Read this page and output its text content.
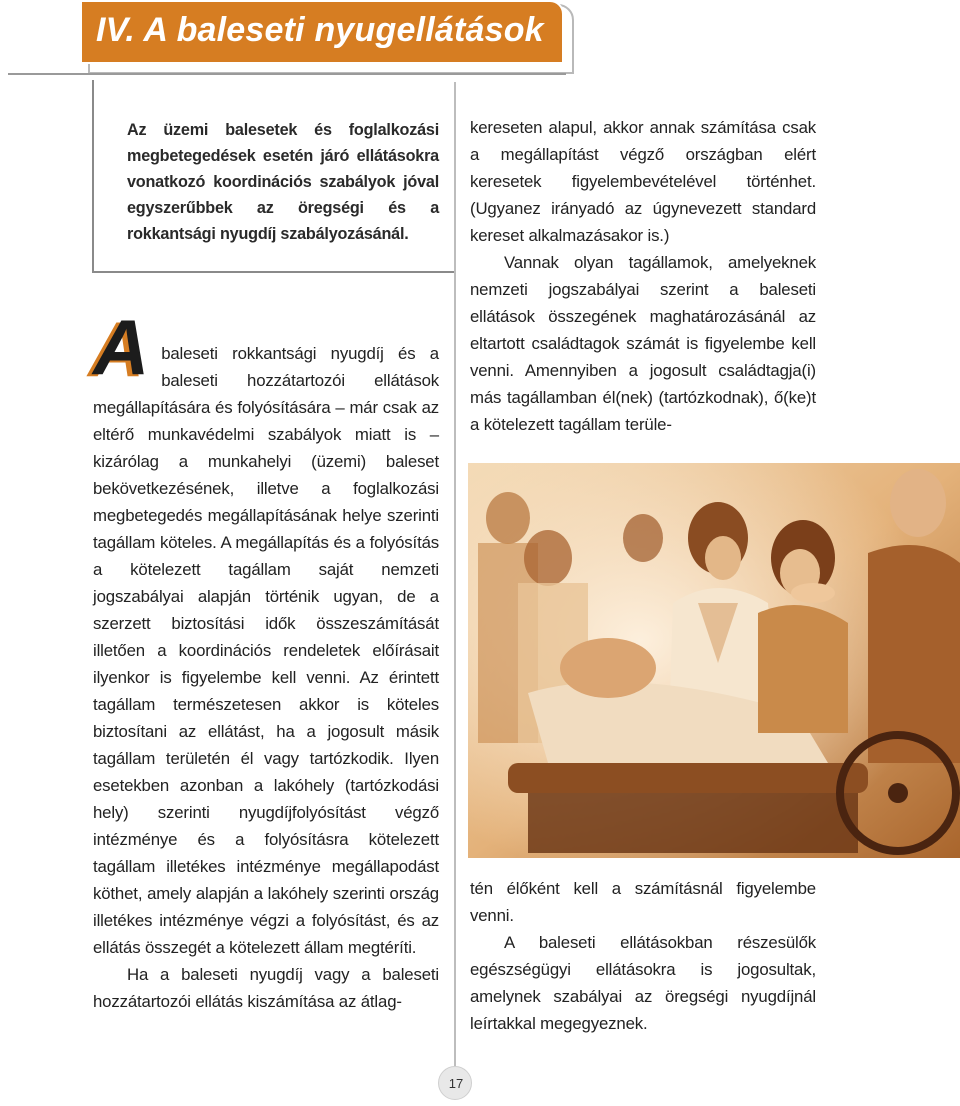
IV. A baleseti nyugellátások
Az üzemi balesetek és foglalkozási megbetegedések esetén járó ellátásokra vonatkozó koordinációs szabályok jóval egyszerűbbek az öregségi és a rokkantsági nyugdíj szabályozásánál.

A baleseti rokkantsági nyugdíj és a baleseti hozzátartozói ellátások megállapítására és folyósítására – már csak az eltérő munkavédelmi szabályok miatt is – kizárólag a munkahelyi (üzemi) baleset bekövetkezésének, illetve a foglalkozási megbetegedés megállapításának helye szerinti tagállam köteles. A megállapítás és a folyósítás a kötelezett tagállam saját nemzeti jogszabályai alapján történik ugyan, de a szerzett biztosítási idők összeszámítását illetően a koordinációs rendeletek előírásait ilyenkor is figyelembe kell venni. Az érintett tagállam természetesen akkor is köteles biztosítani az ellátást, ha a jogosult másik tagállam területén él vagy tartózkodik. Ilyen esetekben azonban a lakóhely (tartózkodási hely) szerinti nyugdíjfolyósítást végző intézménye és a folyósításra kötelezett tagállam illetékes intézménye megállapodást köthet, amely alapján a lakóhely szerinti ország illetékes intézménye végzi a folyósítást, és az ellátás összegét a kötelezett állam megtéríti.

Ha a baleseti nyugdíj vagy a baleseti hozzátartozói ellátás kiszámítása az átlag-

kereseten alapul, akkor annak számítása csak a megállapítást végző országban elért keresetek figyelembevételével történhet. (Ugyanez irányadó az úgynevezett standard kereset alkalmazásakor is.)

Vannak olyan tagállamok, amelyeknek nemzeti jogszabályai szerint a baleseti ellátások összegének maghatározásánál az eltartott családtagok számát is figyelembe kell venni. Amennyiben a jogosult családtagja(i) más tagállamban él(nek) (tartózkodnak), ő(ke)t a kötelezett tagállam terüle-

tén élőként kell a számításnál figyelembe venni.

A baleseti ellátásokban részesülők egészségügyi ellátásokra is jogosultak, amelynek szabályai az öregségi nyugdíjnál leírtakkal megegyeznek.

17
